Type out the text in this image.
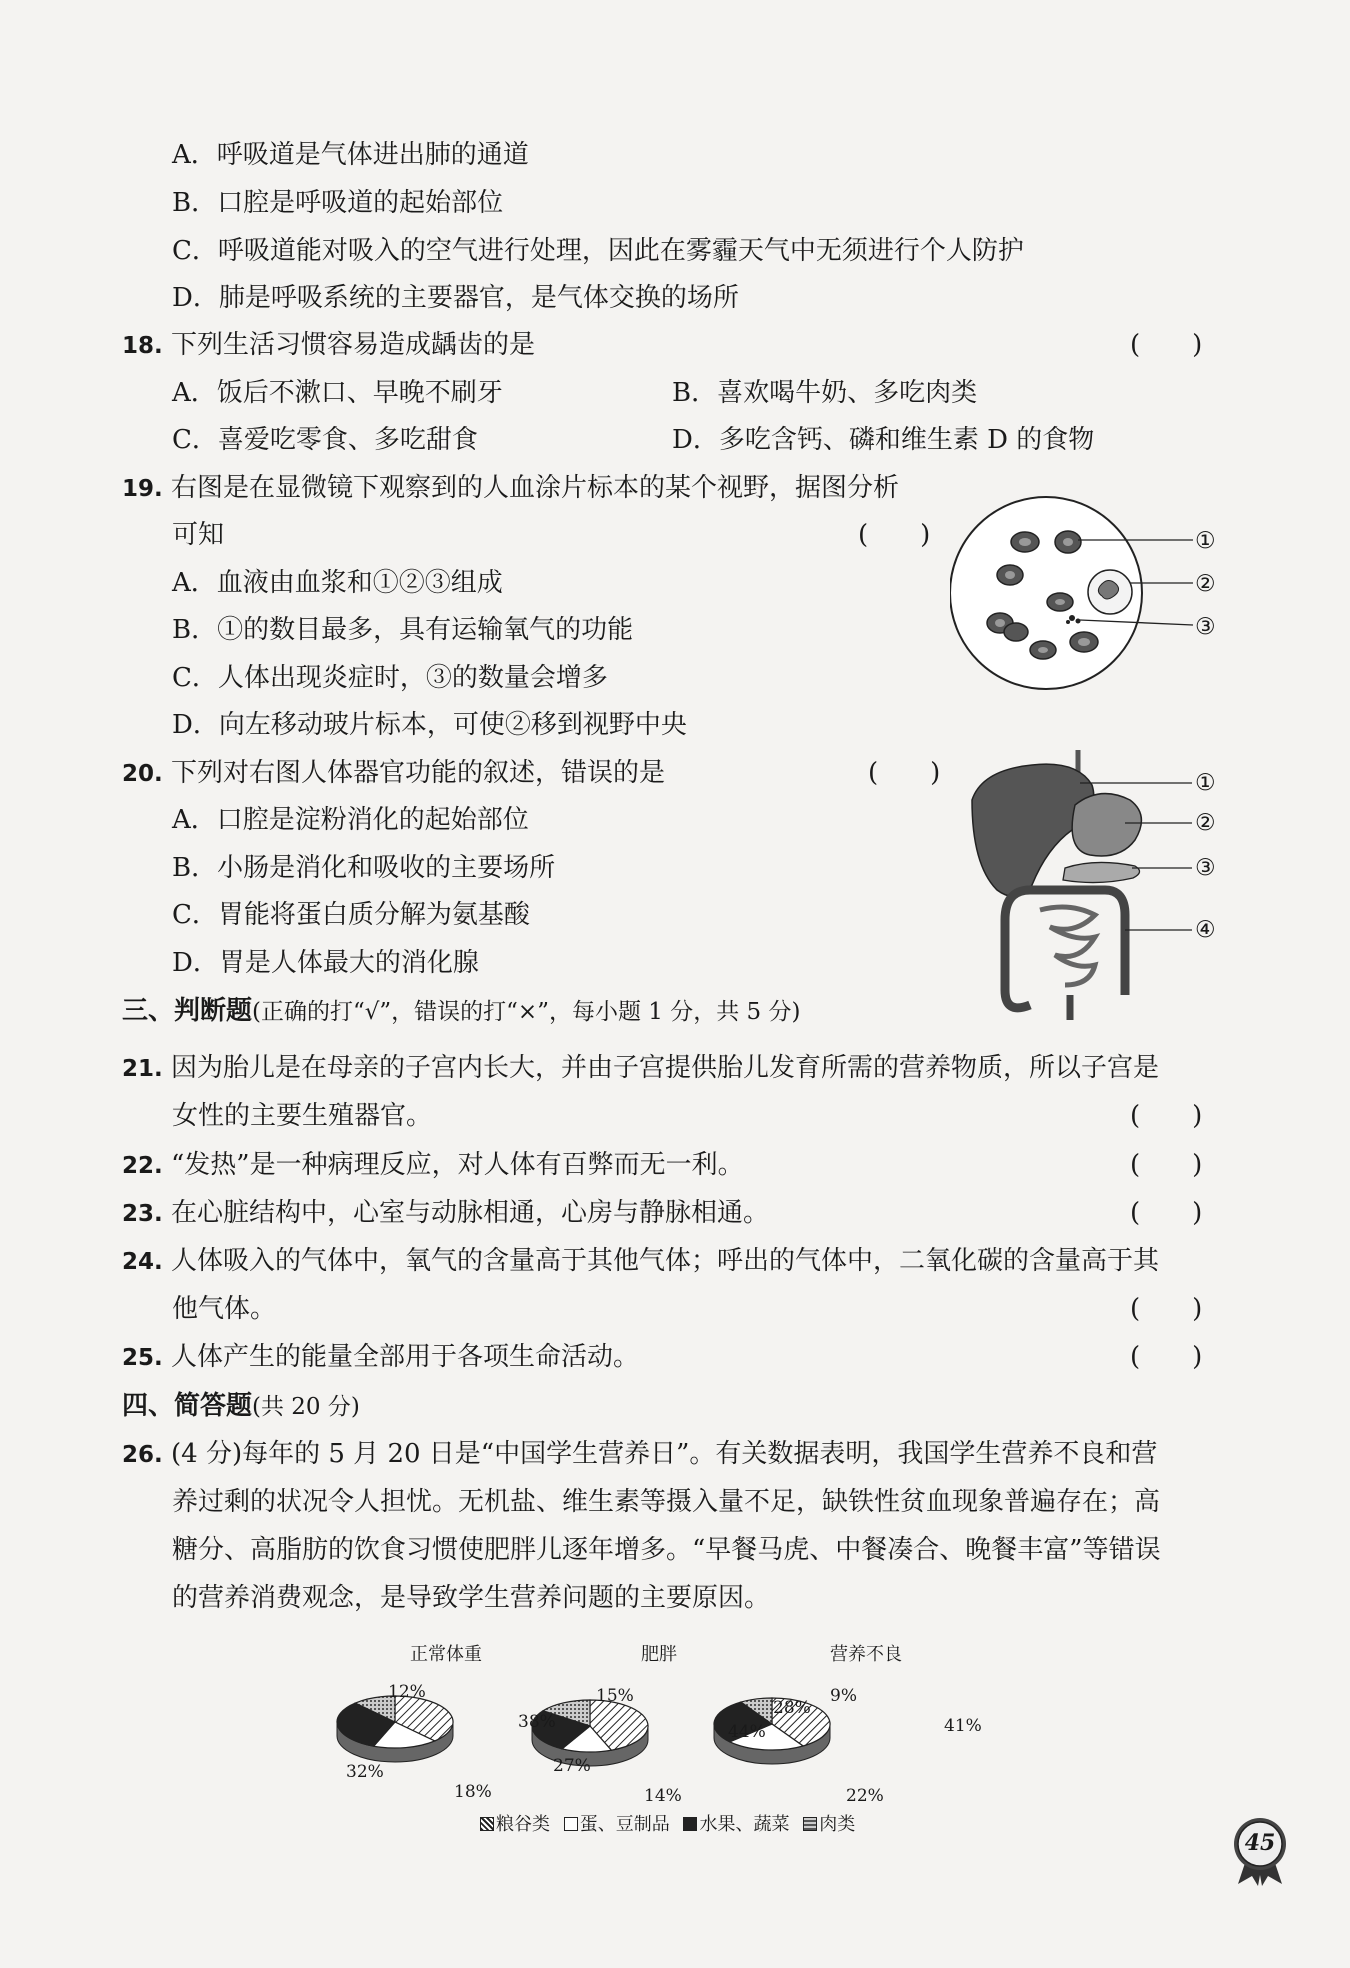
A．呼吸道是气体进出肺的通道
B．口腔是呼吸道的起始部位
C．呼吸道能对吸入的空气进行处理，因此在雾霾天气中无须进行个人防护
D．肺是呼吸系统的主要器官，是气体交换的场所
18. 下列生活习惯容易造成龋齿的是	(　　)
A．饭后不漱口、早晚不刷牙	B．喜欢喝牛奶、多吃肉类
C．喜爱吃零食、多吃甜食	D．多吃含钙、磷和维生素 D 的食物
19. 右图是在显微镜下观察到的人血涂片标本的某个视野，据图分析
可知	(　　)
A．血液由血浆和①②③组成
B．①的数目最多，具有运输氧气的功能
C．人体出现炎症时，③的数量会增多
D．向左移动玻片标本，可使②移到视野中央
①
②
③
20. 下列对右图人体器官功能的叙述，错误的是	(　　)
A．口腔是淀粉消化的起始部位
B．小肠是消化和吸收的主要场所
C．胃能将蛋白质分解为氨基酸
D．胃是人体最大的消化腺
①
②
③
④
三、判断题(正确的打“√”，错误的打“×”，每小题 1 分，共 5 分)
21. 因为胎儿是在母亲的子宫内长大，并由子宫提供胎儿发育所需的营养物质，所以子宫是
女性的主要生殖器官。	(　　)
22. “发热”是一种病理反应，对人体有百弊而无一利。	(　　)
23. 在心脏结构中，心室与动脉相通，心房与静脉相通。	(　　)
24. 人体吸入的气体中，氧气的含量高于其他气体；呼出的气体中，二氧化碳的含量高于其
他气体。	(　　)
25. 人体产生的能量全部用于各项生命活动。	(　　)
四、简答题(共 20 分)
26. (4 分)每年的 5 月 20 日是“中国学生营养日”。有关数据表明，我国学生营养不良和营
养过剩的状况令人担忧。无机盐、维生素等摄入量不足，缺铁性贫血现象普遍存在；高
糖分、高脂肪的饮食习惯使肥胖儿逐年增多。“早餐马虎、中餐凑合、晚餐丰富”等错误
的营养消费观念，是导致学生营养问题的主要原因。
正常体重	肥胖	营养不良
12%
38%
18%
32%
15%
44%
14%
27%
9%
41%
22%
28%
粮谷类 蛋、豆制品 水果、蔬菜 肉类
45
